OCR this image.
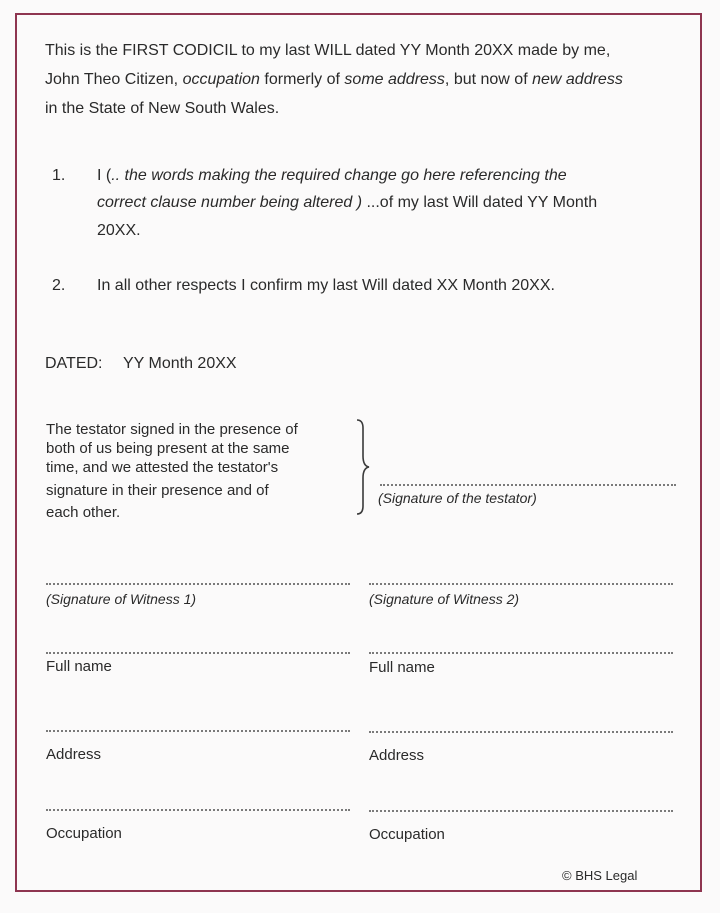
This is the FIRST CODICIL to my last WILL dated YY Month 20XX made by me,
John Theo Citizen, occupation formerly of some address, but now of new address
in the State of New South Wales.
1. I (.. the words making the required change go here referencing the
correct clause number being altered ) ...of my last Will dated YY Month
20XX.
2. In all other respects I confirm my last Will dated XX Month 20XX.
DATED: YY Month 20XX
The testator signed in the presence of
both of us being present at the same
time, and we attested the testator's
signature in their presence and of
each other.
(Signature of the testator)
(Signature of Witness 1)
Full name
Address
Occupation
(Signature of Witness 2)
Full name
Address
Occupation
© BHS Legal
